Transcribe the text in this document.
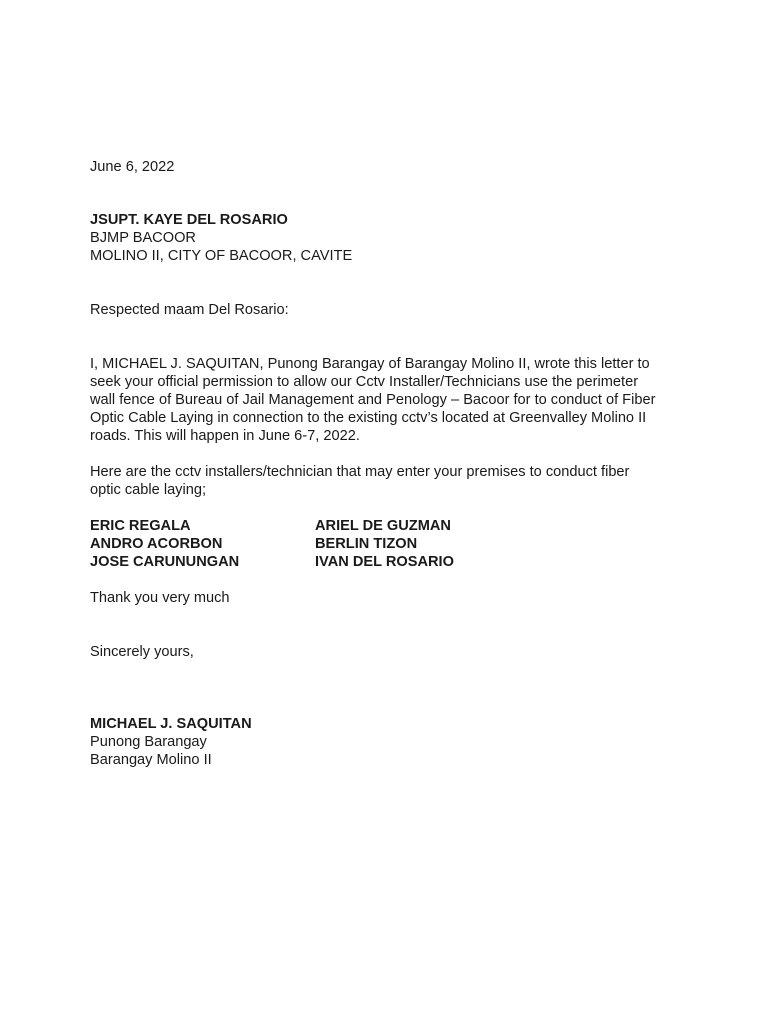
June 6, 2022
JSUPT. KAYE DEL ROSARIO
BJMP BACOOR
MOLINO II, CITY OF BACOOR, CAVITE
Respected maam Del Rosario:
I, MICHAEL J. SAQUITAN, Punong Barangay of Barangay Molino II, wrote this letter to
seek your official permission to allow our Cctv Installer/Technicians use the perimeter
wall fence of Bureau of Jail Management and Penology – Bacoor for to conduct of Fiber
Optic Cable Laying in connection to the existing cctv’s located at Greenvalley Molino II
roads. This will happen in June 6-7, 2022.
Here are the cctv installers/technician that may enter your premises to conduct fiber
optic cable laying;
ERIC REGALA	ARIEL DE GUZMAN
ANDRO ACORBON	BERLIN TIZON
JOSE CARUNUNGAN	IVAN DEL ROSARIO
Thank you very much
Sincerely yours,
MICHAEL J. SAQUITAN
Punong Barangay
Barangay Molino II
